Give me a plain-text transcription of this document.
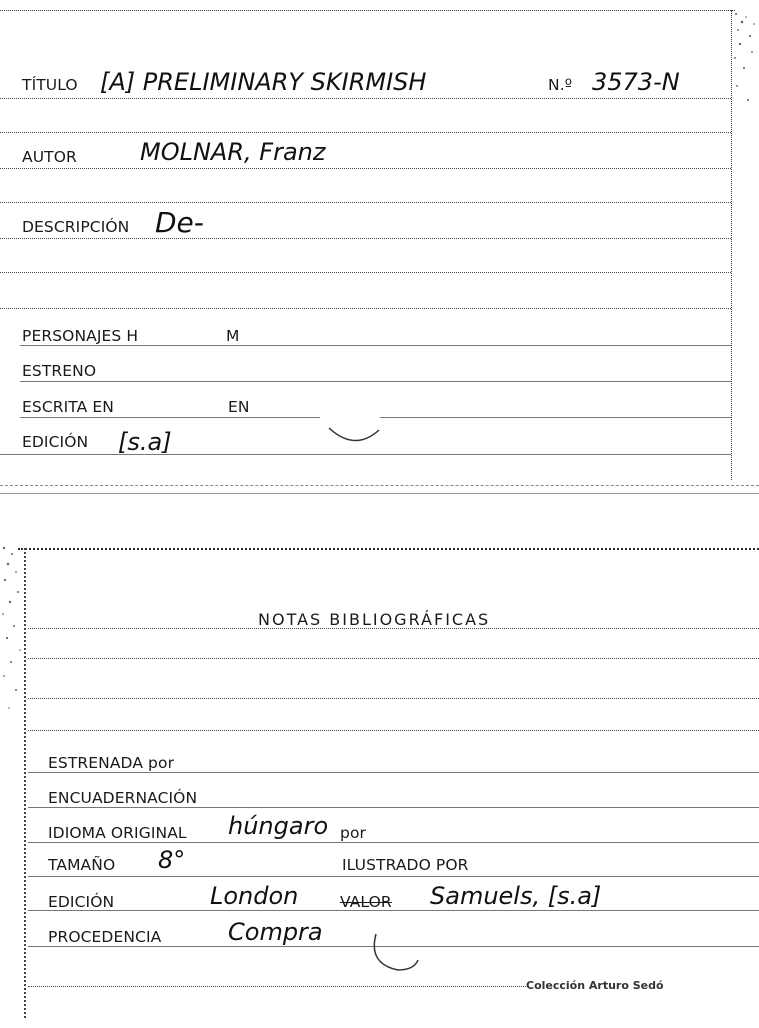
TÍTULO [A] PRELIMINARY SKIRMISH	N.º 3573-N
AUTOR	MOLNAR, Franz
DESCRIPCIÓN De-
PERSONAJES H	M
ESTRENO
ESCRITA EN	EN
EDICIÓN [s.a]
NOTAS BIBLIOGRÁFICAS
ESTRENADA por
ENCUADERNACIÓN
IDIOMA ORIGINAL húngaro por
TAMAÑO 8°	ILUSTRADO POR
EDICIÓN	London	VALOR Samuels, [s.a]
PROCEDENCIA	Compra
Colección Arturo Sedó
